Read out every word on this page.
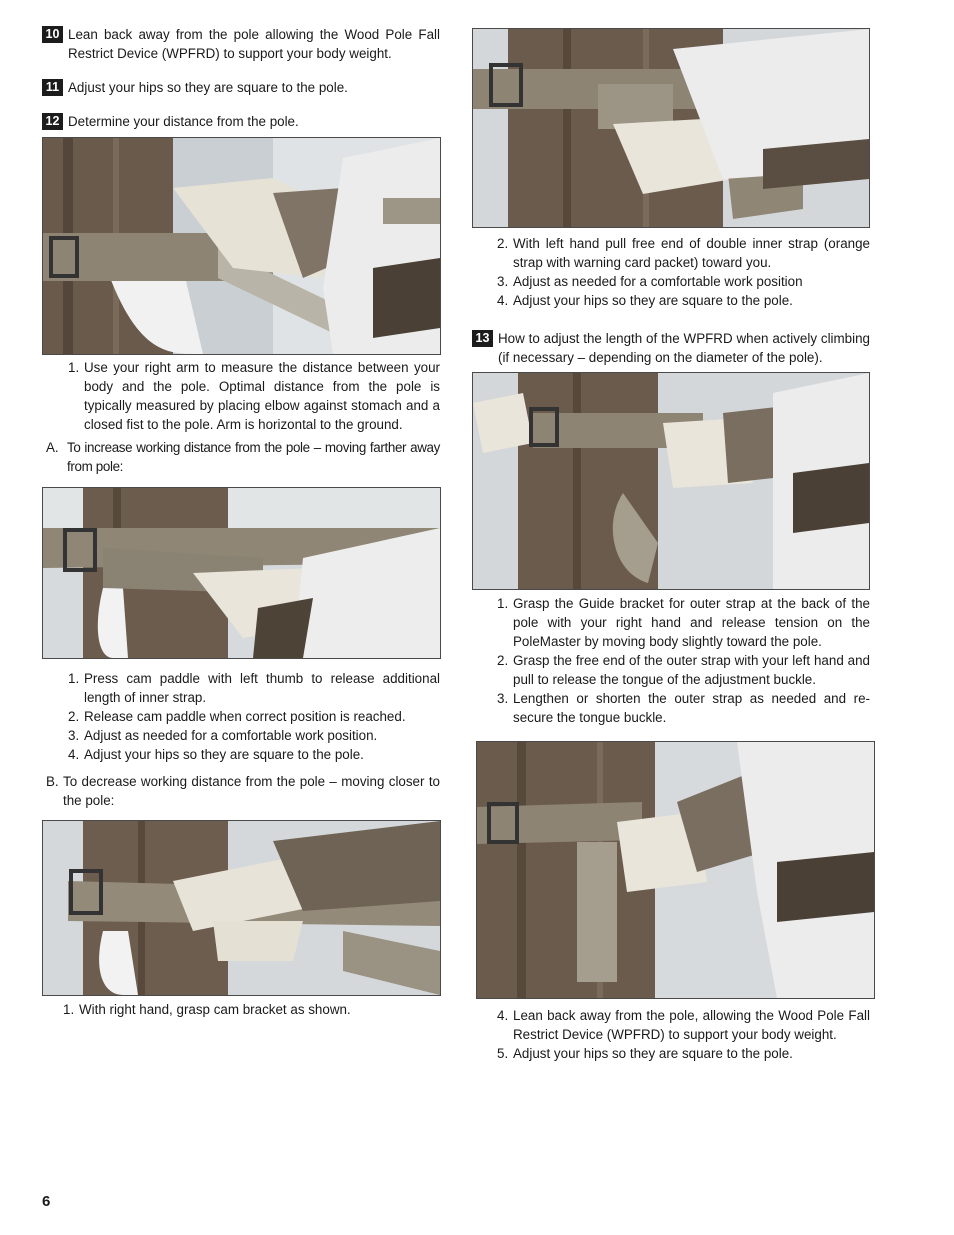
10 Lean back away from the pole allowing the Wood Pole Fall Restrict Device (WPFRD) to support your body weight.
11 Adjust your hips so they are square to the pole.
12 Determine your distance from the pole.
1. Use your right arm to measure the distance between your body and the pole. Optimal distance from the pole is typically measured by placing elbow against stomach and a closed fist to the pole. Arm is horizontal to the ground.
A. To increase working distance from the pole – moving farther away from pole:
1. Press cam paddle with left thumb to release additional length of inner strap.
2. Release cam paddle when correct position is reached.
3. Adjust as needed for a comfortable work position.
4. Adjust your hips so they are square to the pole.
B. To decrease working distance from the pole – moving closer to the pole:
1. With right hand, grasp cam bracket as shown.
2. With left hand pull free end of double inner strap (orange strap with warning card packet) toward you.
3. Adjust as needed for a comfortable work position
4. Adjust your hips so they are square to the pole.
13 How to adjust the length of the WPFRD when actively climbing (if necessary – depending on the diameter of the pole).
1. Grasp the Guide bracket for outer strap at the back of the pole with your right hand and release tension on the PoleMaster by moving body slightly toward the pole.
2. Grasp the free end of the outer strap with your left hand and pull to release the tongue of the adjustment buckle.
3. Lengthen or shorten the outer strap as needed and re-secure the tongue buckle.
4. Lean back away from the pole, allowing the Wood Pole Fall Restrict Device (WPFRD) to support your body weight.
5. Adjust your hips so they are square to the pole.
6
